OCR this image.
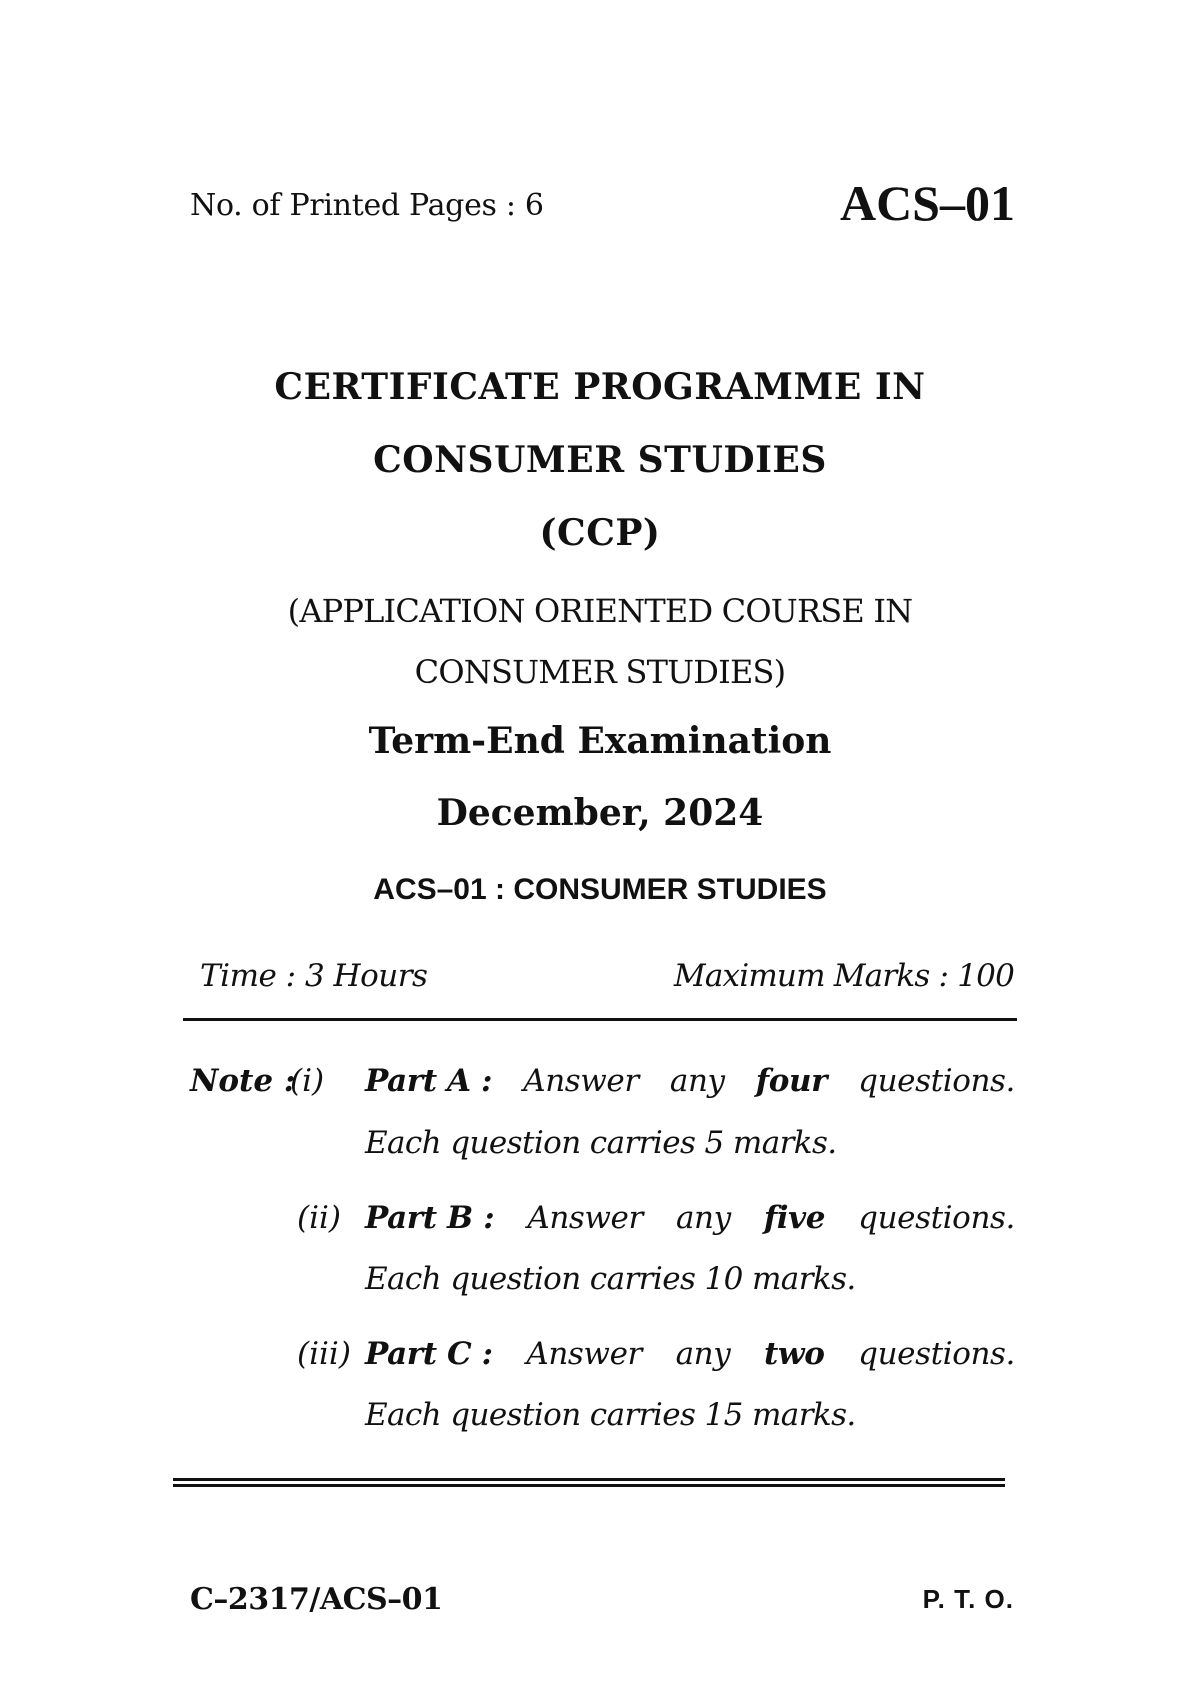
No. of Printed Pages : 6	ACS–01
CERTIFICATE PROGRAMME IN
CONSUMER STUDIES
(CCP)
(APPLICATION ORIENTED COURSE IN
CONSUMER STUDIES)
Term-End Examination
December, 2024
ACS–01 : CONSUMER STUDIES
Time : 3 Hours	Maximum Marks : 100
Note :
(i)	Part A : Answer any four questions.
Each question carries 5 marks.
(ii) Part B : Answer any five questions.
Each question carries 10 marks.
(iii) Part C : Answer any two questions.
Each question carries 15 marks.
C–2317/ACS–01	P. T. O.
